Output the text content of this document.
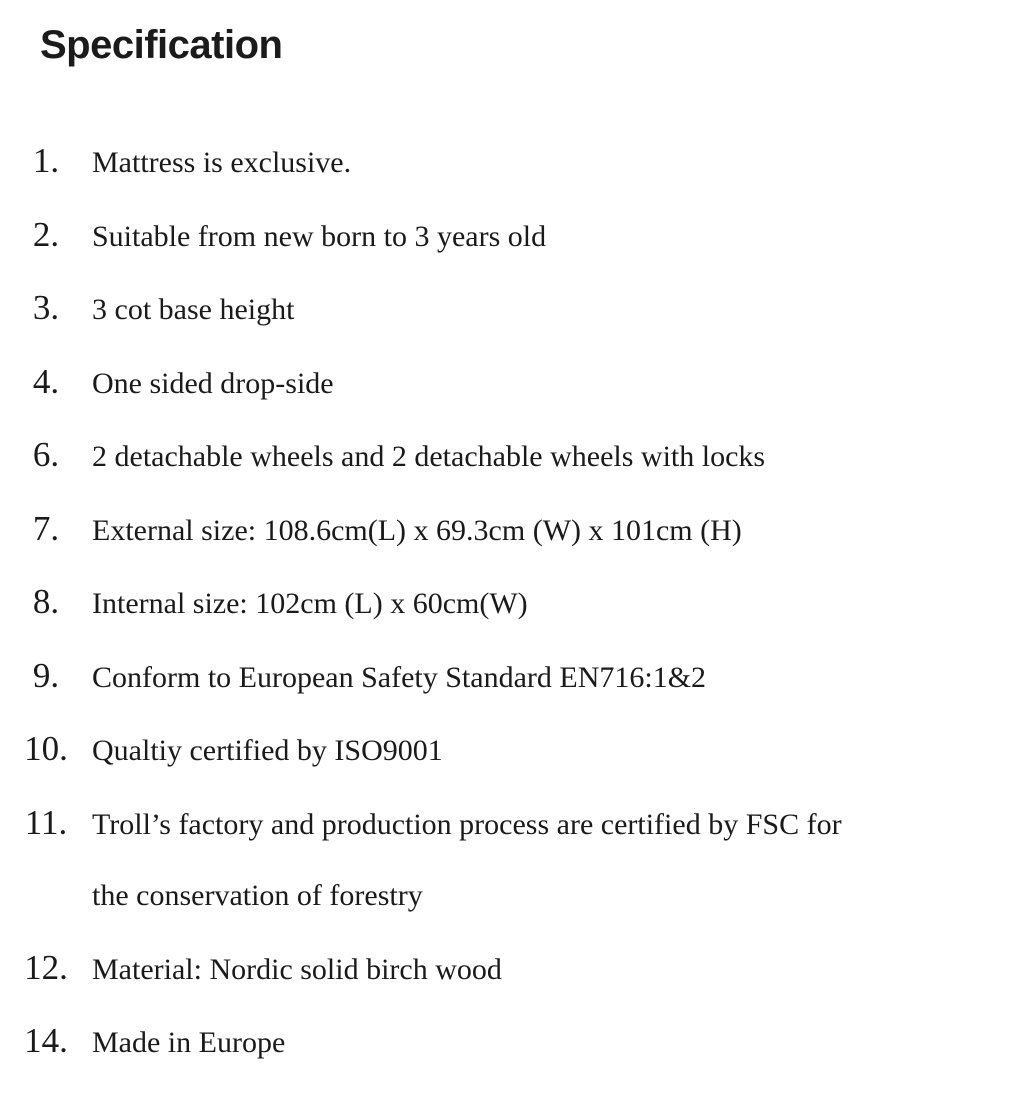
Specification
1.	Mattress is exclusive.
2.	Suitable from new born to 3 years old
3.	3 cot base height
4.	One sided drop-side
6.	2 detachable wheels and 2 detachable wheels with locks
7.	External size: 108.6cm(L) x 69.3cm (W) x 101cm (H)
8.	Internal size: 102cm (L) x 60cm(W)
9.	Conform to European Safety Standard EN716:1&2
10. Qualtiy certified by ISO9001
11. Troll’s factory and production process are certified by FSC for
the conservation of forestry
12. Material: Nordic solid birch wood
14. Made in Europe
